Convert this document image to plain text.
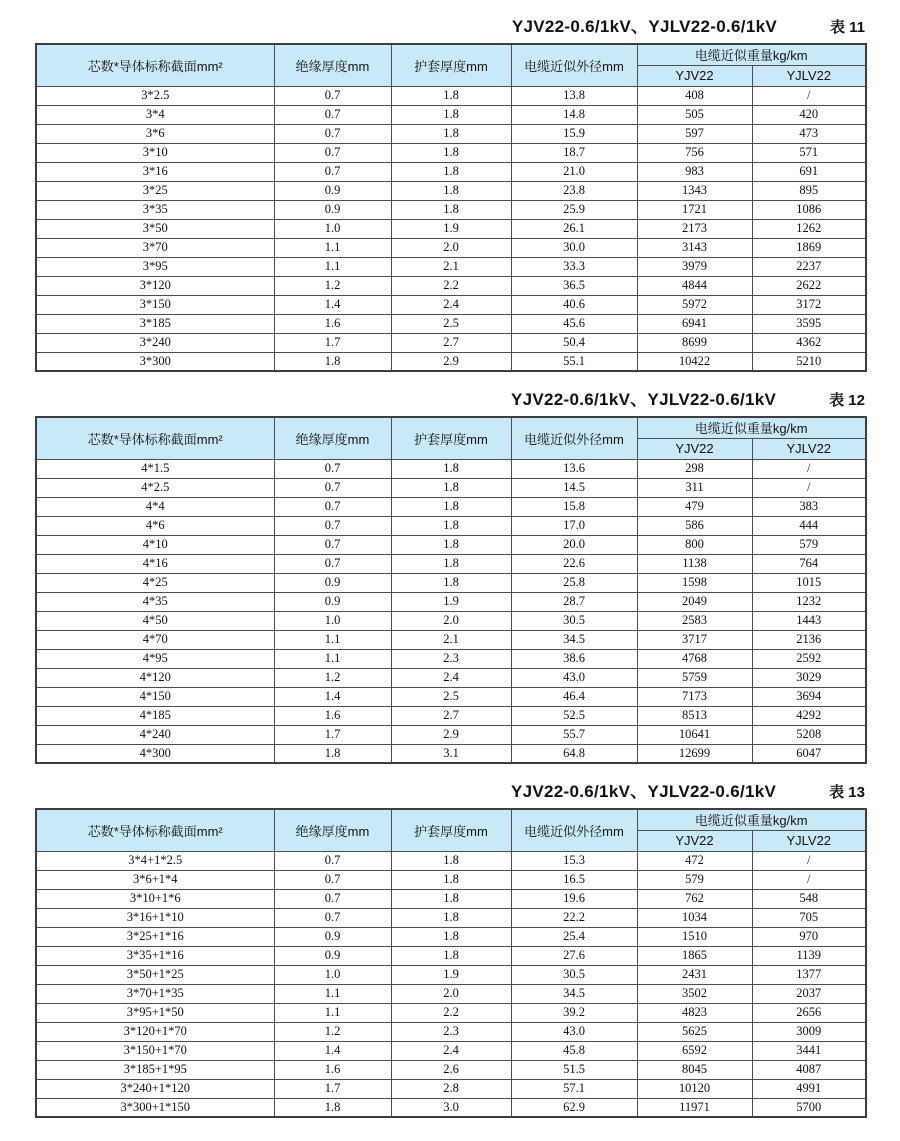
YJV22-0.6/1kV、YJLV22-0.6/1kV	表 11
芯数*导体标称截面mm²	绝缘厚度mm	护套厚度mm	电缆近似外径mm	电缆近似重量kg/km	
				YJV22	YJLV22
3*2.5	0.7	1.8	13.8	408	/
3*4	0.7	1.8	14.8	505	420
3*6	0.7	1.8	15.9	597	473
3*10	0.7	1.8	18.7	756	571
3*16	0.7	1.8	21.0	983	691
3*25	0.9	1.8	23.8	1343	895
3*35	0.9	1.8	25.9	1721	1086
3*50	1.0	1.9	26.1	2173	1262
3*70	1.1	2.0	30.0	3143	1869
3*95	1.1	2.1	33.3	3979	2237
3*120	1.2	2.2	36.5	4844	2622
3*150	1.4	2.4	40.6	5972	3172
3*185	1.6	2.5	45.6	6941	3595
3*240	1.7	2.7	50.4	8699	4362
3*300	1.8	2.9	55.1	10422	5210
YJV22-0.6/1kV、YJLV22-0.6/1kV	表 12
芯数*导体标称截面mm²	绝缘厚度mm	护套厚度mm	电缆近似外径mm	电缆近似重量kg/km	
				YJV22	YJLV22
4*1.5	0.7	1.8	13.6	298	/
4*2.5	0.7	1.8	14.5	311	/
4*4	0.7	1.8	15.8	479	383
4*6	0.7	1.8	17.0	586	444
4*10	0.7	1.8	20.0	800	579
4*16	0.7	1.8	22.6	1138	764
4*25	0.9	1.8	25.8	1598	1015
4*35	0.9	1.9	28.7	2049	1232
4*50	1.0	2.0	30.5	2583	1443
4*70	1.1	2.1	34.5	3717	2136
4*95	1.1	2.3	38.6	4768	2592
4*120	1.2	2.4	43.0	5759	3029
4*150	1.4	2.5	46.4	7173	3694
4*185	1.6	2.7	52.5	8513	4292
4*240	1.7	2.9	55.7	10641	5208
4*300	1.8	3.1	64.8	12699	6047
YJV22-0.6/1kV、YJLV22-0.6/1kV	表 13
芯数*导体标称截面mm²	绝缘厚度mm	护套厚度mm	电缆近似外径mm	电缆近似重量kg/km	
				YJV22	YJLV22
3*4+1*2.5	0.7	1.8	15.3	472	/
3*6+1*4	0.7	1.8	16.5	579	/
3*10+1*6	0.7	1.8	19.6	762	548
3*16+1*10	0.7	1.8	22.2	1034	705
3*25+1*16	0.9	1.8	25.4	1510	970
3*35+1*16	0.9	1.8	27.6	1865	1139
3*50+1*25	1.0	1.9	30.5	2431	1377
3*70+1*35	1.1	2.0	34.5	3502	2037
3*95+1*50	1.1	2.2	39.2	4823	2656
3*120+1*70	1.2	2.3	43.0	5625	3009
3*150+1*70	1.4	2.4	45.8	6592	3441
3*185+1*95	1.6	2.6	51.5	8045	4087
3*240+1*120	1.7	2.8	57.1	10120	4991
3*300+1*150	1.8	3.0	62.9	11971	5700
